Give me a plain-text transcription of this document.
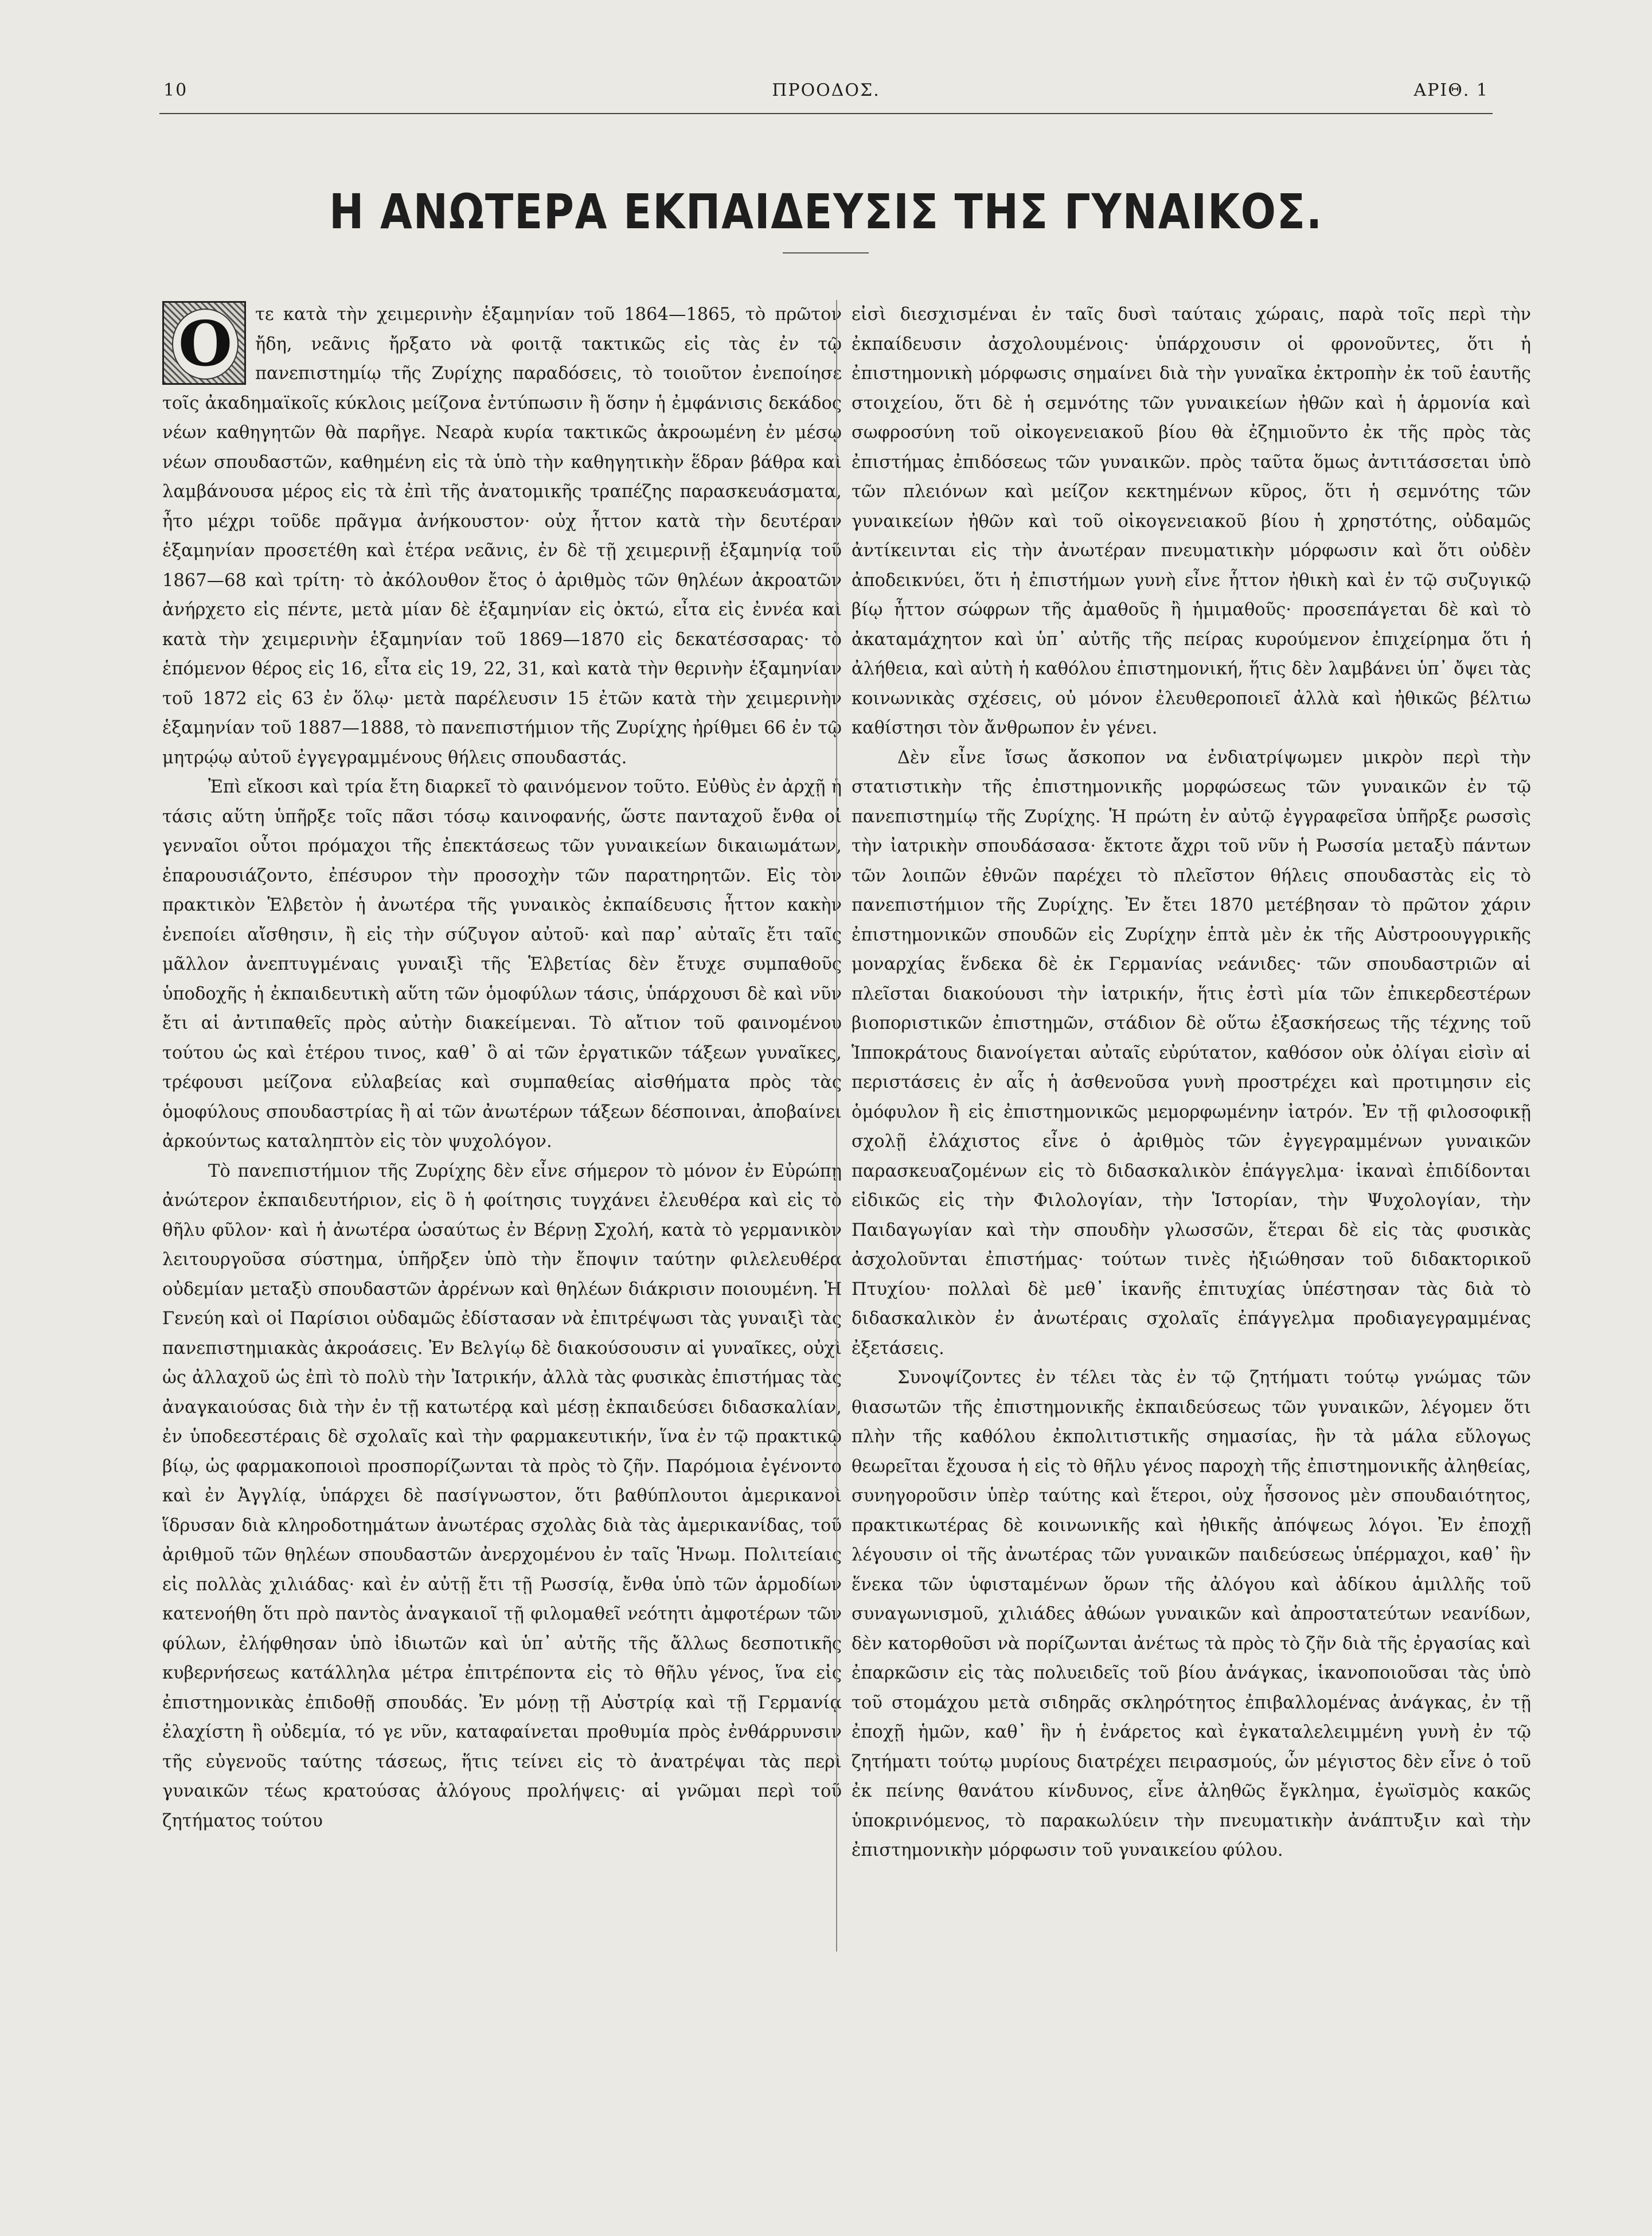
10	ΠΡΟΟΔΟΣ.	ΑΡΙΘ. 1
Η ΑΝΩΤΕΡΑ ΕΚΠΑΙΔΕΥΣΙΣ ΤΗΣ ΓΥΝΑΙΚΟΣ.

Ο	τε κατὰ τὴν χειμερινὴν ἑξαμηνίαν τοῦ 1864—1865, τὸ πρῶτον ἤδη, νεᾶνις ἤρξατο νὰ φοιτᾷ τακτικῶς εἰς τὰς ἐν τῷ πανεπιστημίῳ τῆς Ζυρίχης παραδόσεις, τὸ τοιοῦτον ἐνεποίησε τοῖς ἀκαδημαϊκοῖς κύκλοις μείζονα ἐντύπωσιν ἢ ὅσην ἡ ἐμφάνισις δεκάδος νέων καθηγητῶν θὰ παρῆγε. Νεαρὰ κυρία τακτικῶς ἀκροωμένη ἐν μέσῳ νέων σπουδαστῶν, καθημένη εἰς τὰ ὑπὸ τὴν καθηγητικὴν ἕδραν βάθρα καὶ λαμβάνουσα μέρος εἰς τὰ ἐπὶ τῆς ἀνατομικῆς τραπέζης παρασκευάσματα, ἦτο μέχρι τοῦδε πρᾶγμα ἀνήκουστον· οὐχ ἧττον κατὰ τὴν δευτέραν ἑξαμηνίαν προσετέθη καὶ ἑτέρα νεᾶνις, ἐν δὲ τῇ χειμερινῇ ἑξαμηνίᾳ τοῦ 1867—68 καὶ τρίτη· τὸ ἀκόλουθον ἔτος ὁ ἀριθμὸς τῶν θηλέων ἀκροατῶν ἀνήρχετο εἰς πέντε, μετὰ μίαν δὲ ἑξαμηνίαν εἰς ὀκτώ, εἶτα εἰς ἐννέα καὶ κατὰ τὴν χειμερινὴν ἑξαμηνίαν τοῦ 1869—1870 εἰς δεκατέσσαρας· τὸ ἑπόμενον θέρος εἰς 16, εἶτα εἰς 19, 22, 31, καὶ κατὰ τὴν θερινὴν ἑξαμηνίαν τοῦ 1872 εἰς 63 ἐν ὅλῳ· μετὰ παρέλευσιν 15 ἐτῶν κατὰ τὴν χειμερινὴν ἑξαμηνίαν τοῦ 1887—1888, τὸ πανεπιστήμιον τῆς Ζυρίχης ἠρίθμει 66 ἐν τῷ μητρῴῳ αὐτοῦ ἐγγεγραμμένους θήλεις σπουδαστάς.

Ἐπὶ εἴκοσι καὶ τρία ἔτη διαρκεῖ τὸ φαινόμενον τοῦτο. Εὐθὺς ἐν ἀρχῇ ἡ τάσις αὕτη ὑπῆρξε τοῖς πᾶσι τόσῳ καινοφανής, ὥστε πανταχοῦ ἔνθα οἱ γενναῖοι οὗτοι πρόμαχοι τῆς ἐπεκτάσεως τῶν γυναικείων δικαιωμάτων, ἐπαρουσιάζοντο, ἐπέσυρον τὴν προσοχὴν τῶν παρατηρητῶν. Εἰς τὸν πρακτικὸν Ἑλβετὸν ἡ ἀνωτέρα τῆς γυναικὸς ἐκπαίδευσις ἧττον κακὴν ἐνεποίει αἴσθησιν, ἢ εἰς τὴν σύζυγον αὐτοῦ· καὶ παρ᾽ αὐταῖς ἔτι ταῖς μᾶλλον ἀνεπτυγμέναις γυναιξὶ τῆς Ἑλβετίας δὲν ἔτυχε συμπαθοῦς ὑποδοχῆς ἡ ἐκπαιδευτικὴ αὕτη τῶν ὁμοφύλων τάσις, ὑπάρχουσι δὲ καὶ νῦν ἔτι αἱ ἀντιπαθεῖς πρὸς αὐτὴν διακείμεναι. Τὸ αἴτιον τοῦ φαινομένου τούτου ὡς καὶ ἑτέρου τινος, καθ᾽ ὃ αἱ τῶν ἐργατικῶν τάξεων γυναῖκες, τρέφουσι μείζονα εὐλαβείας καὶ συμπαθείας αἰσθήματα πρὸς τὰς ὁμοφύλους σπουδαστρίας ἢ αἱ τῶν ἀνωτέρων τάξεων δέσποιναι, ἀποβαίνει ἀρκούντως καταληπτὸν εἰς τὸν ψυχολόγον.

Τὸ πανεπιστήμιον τῆς Ζυρίχης δὲν εἶνε σήμερον τὸ μόνον ἐν Εὐρώπῃ ἀνώτερον ἐκπαιδευτήριον, εἰς ὃ ἡ φοίτησις τυγχάνει ἐλευθέρα καὶ εἰς τὸ θῆλυ φῦλον· καὶ ἡ ἀνωτέρα ὡσαύτως ἐν Βέρνῃ Σχολή, κατὰ τὸ γερμανικὸν λειτουργοῦσα σύστημα, ὑπῆρξεν ὑπὸ τὴν ἔποψιν ταύτην φιλελευθέρα οὐδεμίαν μεταξὺ σπουδαστῶν ἀρρένων καὶ θηλέων διάκρισιν ποιουμένη. Ἡ Γενεύη καὶ οἱ Παρίσιοι οὐδαμῶς ἐδίστασαν νὰ ἐπιτρέψωσι τὰς γυναιξὶ τὰς πανεπιστημιακὰς ἀκροάσεις. Ἐν Βελγίῳ δὲ διακούσουσιν αἱ γυναῖκες, οὐχὶ ὡς ἀλλαχοῦ ὡς ἐπὶ τὸ πολὺ τὴν Ἰατρικήν, ἀλλὰ τὰς φυσικὰς ἐπιστήμας τὰς ἀναγκαιούσας διὰ τὴν ἐν τῇ κατωτέρᾳ καὶ μέσῃ ἐκπαιδεύσει διδασκαλίαν, ἐν ὑποδεεστέραις δὲ σχολαῖς καὶ τὴν φαρμακευτικήν, ἵνα ἐν τῷ πρακτικῷ βίῳ, ὡς φαρμακοποιοὶ προσπορίζωνται τὰ πρὸς τὸ ζῆν. Παρόμοια ἐγένοντο καὶ ἐν Ἀγγλίᾳ, ὑπάρχει δὲ πασίγνωστον, ὅτι βαθύπλουτοι ἀμερικανοὶ ἵδρυσαν διὰ κληροδοτημάτων ἀνωτέρας σχολὰς διὰ τὰς ἀμερικανίδας, τοῦ ἀριθμοῦ τῶν θηλέων σπουδαστῶν ἀνερχομένου ἐν ταῖς Ἡνωμ. Πολιτείαις εἰς πολλὰς χιλιάδας· καὶ ἐν αὐτῇ ἔτι τῇ Ρωσσίᾳ, ἔνθα ὑπὸ τῶν ἁρμοδίων κατενοήθη ὅτι πρὸ παντὸς ἀναγκαιοῖ τῇ φιλομαθεῖ νεότητι ἀμφοτέρων τῶν φύλων, ἐλήφθησαν ὑπὸ ἰδιωτῶν καὶ ὑπ᾽ αὐτῆς τῆς ἄλλως δεσποτικῆς κυβερνήσεως κατάλληλα μέτρα ἐπιτρέποντα εἰς τὸ θῆλυ γένος, ἵνα εἰς ἐπιστημονικὰς ἐπιδοθῇ σπουδάς. Ἐν μόνῃ τῇ Αὐστρίᾳ καὶ τῇ Γερμανίᾳ ἐλαχίστη ἢ οὐδεμία, τό γε νῦν, καταφαίνεται προθυμία πρὸς ἐνθάρρυνσιν τῆς εὐγενοῦς ταύτης τάσεως, ἥτις τείνει εἰς τὸ ἀνατρέψαι τὰς περὶ γυναικῶν τέως κρατούσας ἀλόγους προλήψεις· αἱ γνῶμαι περὶ τοῦ ζητήματος τούτου

εἰσὶ διεσχισμέναι ἐν ταῖς δυσὶ ταύταις χώραις, παρὰ τοῖς περὶ τὴν ἐκπαίδευσιν ἀσχολουμένοις· ὑπάρχουσιν οἱ φρονοῦντες, ὅτι ἡ ἐπιστημονικὴ μόρφωσις σημαίνει διὰ τὴν γυναῖκα ἐκτροπὴν ἐκ τοῦ ἑαυτῆς στοιχείου, ὅτι δὲ ἡ σεμνότης τῶν γυναικείων ἠθῶν καὶ ἡ ἁρμονία καὶ σωφροσύνη τοῦ οἰκογενειακοῦ βίου θὰ ἐζημιοῦντο ἐκ τῆς πρὸς τὰς ἐπιστήμας ἐπιδόσεως τῶν γυναικῶν. πρὸς ταῦτα ὅμως ἀντιτάσσεται ὑπὸ τῶν πλειόνων καὶ μείζον κεκτημένων κῦρος, ὅτι ἡ σεμνότης τῶν γυναικείων ἠθῶν καὶ τοῦ οἰκογενειακοῦ βίου ἡ χρηστότης, οὐδαμῶς ἀντίκεινται εἰς τὴν ἀνωτέραν πνευματικὴν μόρφωσιν καὶ ὅτι οὐδὲν ἀποδεικνύει, ὅτι ἡ ἐπιστήμων γυνὴ εἶνε ἧττον ἠθικὴ καὶ ἐν τῷ συζυγικῷ βίῳ ἧττον σώφρων τῆς ἀμαθοῦς ἢ ἡμιμαθοῦς· προσεπάγεται δὲ καὶ τὸ ἀκαταμάχητον καὶ ὑπ᾽ αὐτῆς τῆς πείρας κυρούμενον ἐπιχείρημα ὅτι ἡ ἀλήθεια, καὶ αὐτὴ ἡ καθόλου ἐπιστημονική, ἥτις δὲν λαμβάνει ὑπ᾽ ὄψει τὰς κοινωνικὰς σχέσεις, οὐ μόνον ἐλευθεροποιεῖ ἀλλὰ καὶ ἠθικῶς βέλτιω καθίστησι τὸν ἄνθρωπον ἐν γένει.

Δὲν εἶνε ἴσως ἄσκοπον να ἐνδιατρίψωμεν μικρὸν περὶ τὴν στατιστικὴν τῆς ἐπιστημονικῆς μορφώσεως τῶν γυναικῶν ἐν τῷ πανεπιστημίῳ τῆς Ζυρίχης. Ἡ πρώτη ἐν αὐτῷ ἐγγραφεῖσα ὑπῆρξε ρωσσὶς τὴν ἰατρικὴν σπουδάσασα· ἔκτοτε ἄχρι τοῦ νῦν ἡ Ρωσσία μεταξὺ πάντων τῶν λοιπῶν ἐθνῶν παρέχει τὸ πλεῖστον θήλεις σπουδαστὰς εἰς τὸ πανεπιστήμιον τῆς Ζυρίχης. Ἐν ἔτει 1870 μετέβησαν τὸ πρῶτον χάριν ἐπιστημονικῶν σπουδῶν εἰς Ζυρίχην ἑπτὰ μὲν ἐκ τῆς Αὐστροουγγρικῆς μοναρχίας ἕνδεκα δὲ ἐκ Γερμανίας νεάνιδες· τῶν σπουδαστριῶν αἱ πλεῖσται διακούουσι τὴν ἰατρικήν, ἥτις ἐστὶ μία τῶν ἐπικερδεστέρων βιοποριστικῶν ἐπιστημῶν, στάδιον δὲ οὕτω ἐξασκήσεως τῆς τέχνης τοῦ Ἱπποκράτους διανοίγεται αὐταῖς εὐρύτατον, καθόσον οὐκ ὀλίγαι εἰσὶν αἱ περιστάσεις ἐν αἷς ἡ ἀσθενοῦσα γυνὴ προστρέχει καὶ προτιμησιν εἰς ὁμόφυλον ἢ εἰς ἐπιστημονικῶς μεμορφωμένην ἰατρόν. Ἐν τῇ φιλοσοφικῇ σχολῇ ἐλάχιστος εἶνε ὁ ἀριθμὸς τῶν ἐγγεγραμμένων γυναικῶν παρασκευαζομένων εἰς τὸ διδασκαλικὸν ἐπάγγελμα· ἱκαναὶ ἐπιδίδονται εἰδικῶς εἰς τὴν Φιλολογίαν, τὴν Ἱστορίαν, τὴν Ψυχολογίαν, τὴν Παιδαγωγίαν καὶ τὴν σπουδὴν γλωσσῶν, ἕτεραι δὲ εἰς τὰς φυσικὰς ἀσχολοῦνται ἐπιστήμας· τούτων τινὲς ἠξιώθησαν τοῦ διδακτορικοῦ Πτυχίου· πολλαὶ δὲ μεθ᾽ ἱκανῆς ἐπιτυχίας ὑπέστησαν τὰς διὰ τὸ διδασκαλικὸν ἐν ἀνωτέραις σχολαῖς ἐπάγγελμα προδιαγεγραμμένας ἐξετάσεις.

Συνοψίζοντες ἐν τέλει τὰς ἐν τῷ ζητήματι τούτῳ γνώμας τῶν θιασωτῶν τῆς ἐπιστημονικῆς ἐκπαιδεύσεως τῶν γυναικῶν, λέγομεν ὅτι πλὴν τῆς καθόλου ἐκπολιτιστικῆς σημασίας, ἣν τὰ μάλα εὔλογως θεωρεῖται ἔχουσα ἡ εἰς τὸ θῆλυ γένος παροχὴ τῆς ἐπιστημονικῆς ἀληθείας, συνηγοροῦσιν ὑπὲρ ταύτης καὶ ἕτεροι, οὐχ ἧσσονος μὲν σπουδαιότητος, πρακτικωτέρας δὲ κοινωνικῆς καὶ ἠθικῆς ἀπόψεως λόγοι. Ἐν ἐποχῇ λέγουσιν οἱ τῆς ἀνωτέρας τῶν γυναικῶν παιδεύσεως ὑπέρμαχοι, καθ᾽ ἣν ἕνεκα τῶν ὑφισταμένων ὅρων τῆς ἀλόγου καὶ ἀδίκου ἁμιλλῆς τοῦ συναγωνισμοῦ, χιλιάδες ἀθώων γυναικῶν καὶ ἀπροστατεύτων νεανίδων, δὲν κατορθοῦσι νὰ πορίζωνται ἀνέτως τὰ πρὸς τὸ ζῆν διὰ τῆς ἐργασίας καὶ ἐπαρκῶσιν εἰς τὰς πολυειδεῖς τοῦ βίου ἀνάγκας, ἱκανοποιοῦσαι τὰς ὑπὸ τοῦ στομάχου μετὰ σιδηρᾶς σκληρότητος ἐπιβαλλομένας ἀνάγκας, ἐν τῇ ἐποχῇ ἡμῶν, καθ᾽ ἣν ἡ ἐνάρετος καὶ ἐγκαταλελειμμένη γυνὴ ἐν τῷ ζητήματι τούτῳ μυρίους διατρέχει πειρασμούς, ὧν μέγιστος δὲν εἶνε ὁ τοῦ ἐκ πείνης θανάτου κίνδυνος, εἶνε ἀληθῶς ἔγκλημα, ἐγωϊσμὸς κακῶς ὑποκρινόμενος, τὸ παρακωλύειν τὴν πνευματικὴν ἀνάπτυξιν καὶ τὴν ἐπιστημονικὴν μόρφωσιν τοῦ γυναικείου φύλου.
